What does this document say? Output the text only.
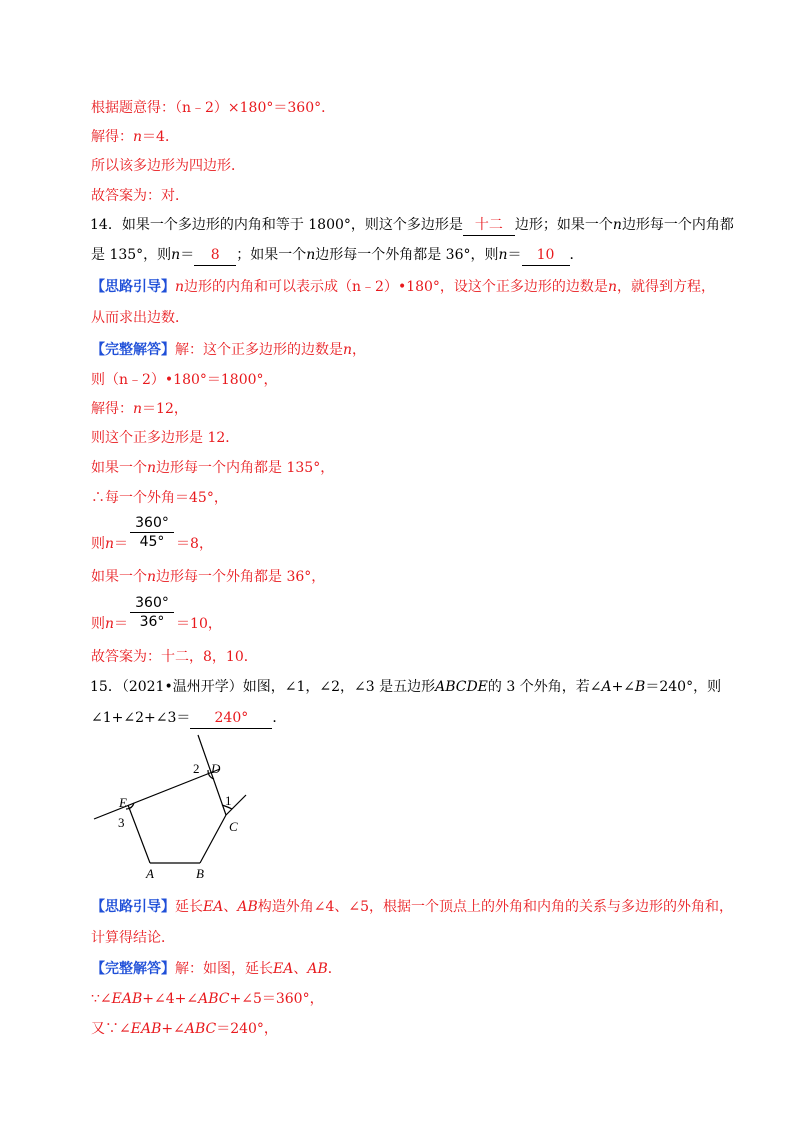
根据题意得：（n﹣2）×180°＝360°．
解得：n＝4．
所以该多边形为四边形．
故答案为：对．
14．如果一个多边形的内角和等于 1800°，则这个多边形是 十二 边形；如果一个n边形每一个内角都
是 135°，则n＝ 8 ；如果一个n边形每一个外角都是 36°，则n＝ 10 ．
【思路引导】n边形的内角和可以表示成（n﹣2）•180°，设这个正多边形的边数是n，就得到方程，
从而求出边数．
【完整解答】解：这个正多边形的边数是n，
则（n﹣2）•180°＝1800°，
解得：n＝12，
则这个正多边形是 12．
如果一个n边形每一个内角都是 135°，
∴每一个外角＝45°，
$\frac{360^\circ}{45^\circ}$
则n＝	＝8，
如果一个n边形每一个外角都是 36°，
$\frac{360^\circ}{36^\circ}$
则n＝	＝10，
故答案为：十二，8，10．
15．（2021•温州开学）如图，∠1，∠2，∠3 是五边形ABCDE的 3 个外角，若∠A+∠B＝240°，则
∠1+∠2+∠3＝ 240° ．
E
3
D
2
1
C
A	B
【思路引导】延长EA、AB构造外角∠4、∠5，根据一个顶点上的外角和内角的关系与多边形的外角和，
计算得结论．
【完整解答】解：如图，延长EA、AB．
∵∠EAB+∠4+∠ABC+∠5＝360°，
又∵∠EAB+∠ABC＝240°，
